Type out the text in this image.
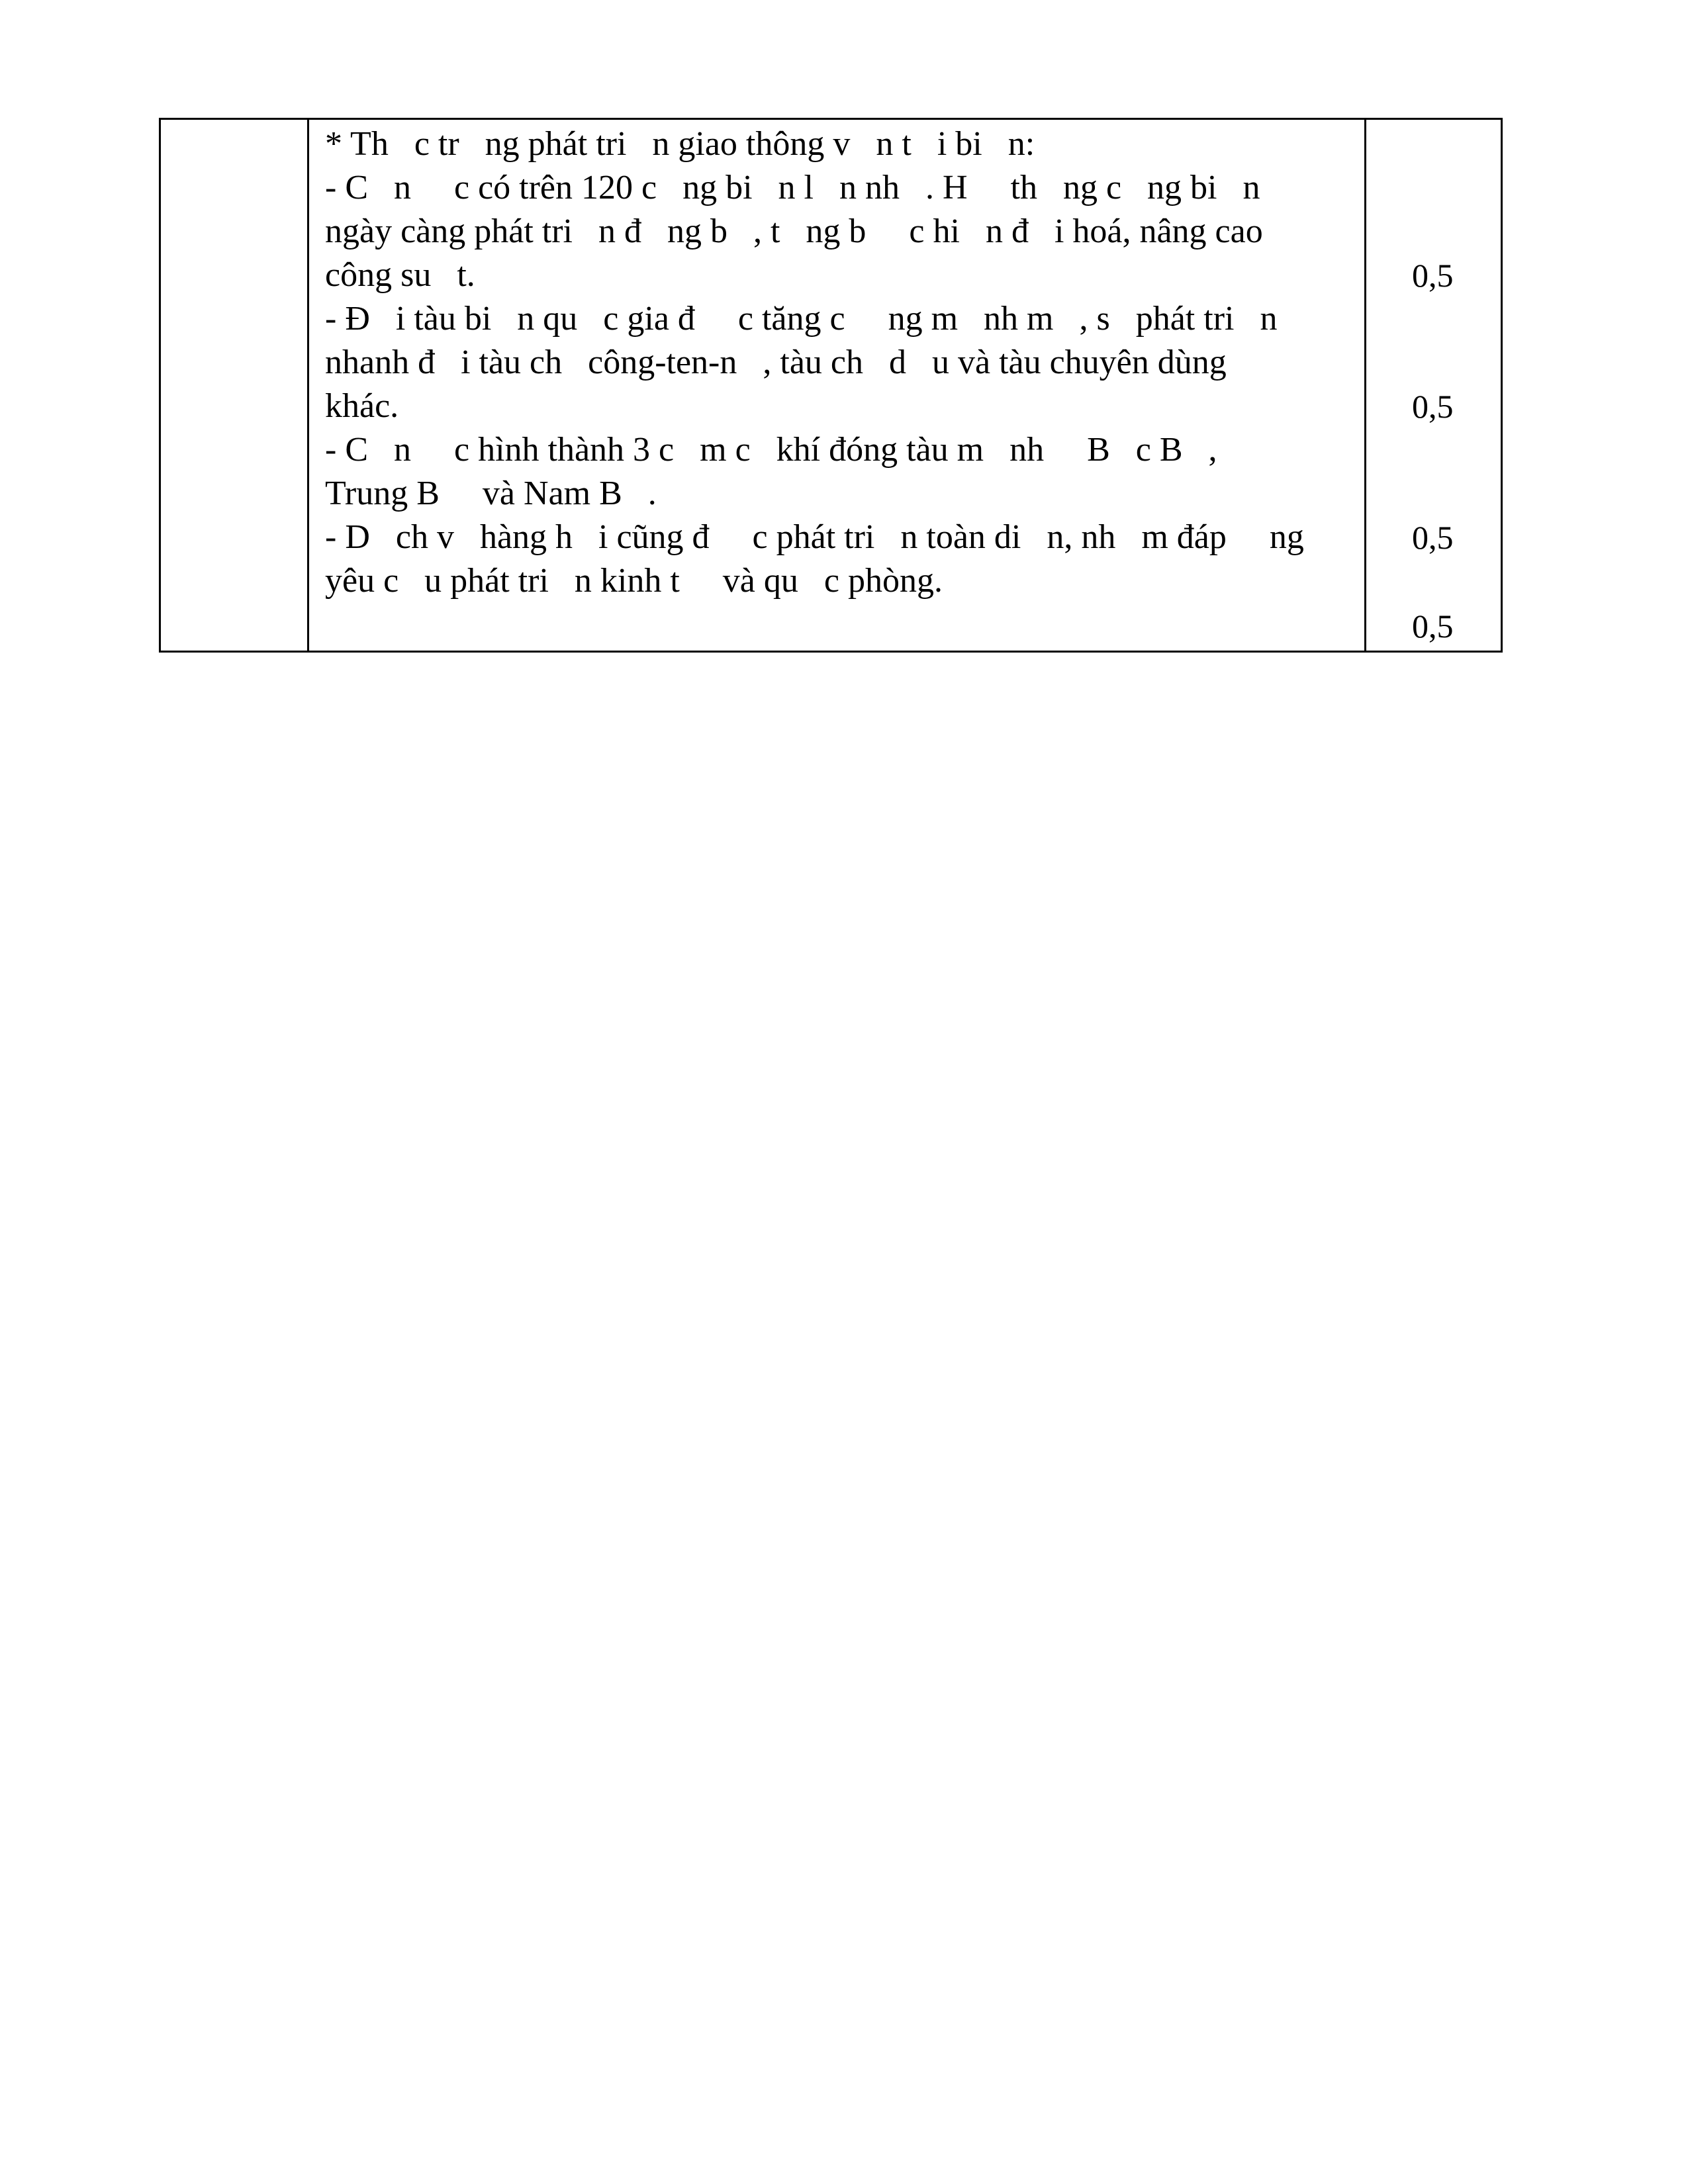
* Th   c tr   ng phát tri   n giao thông v   n t   i bi   n:
- C   n     c có trên 120 c   ng bi   n l   n nh   . H     th   ng c   ng bi   n
ngày càng phát tri   n đ   ng b   , t   ng b     c hi   n đ   i hoá, nâng cao
công su   t.
- Đ   i tàu bi   n qu   c gia đ     c tăng c     ng m   nh m   , s   phát tri   n
nhanh đ   i tàu ch   công-ten-n   , tàu ch   d   u và tàu chuyên dùng
khác.
- C   n     c hình thành 3 c   m c   khí đóng tàu m   nh     B   c B   ,
Trung B     và Nam B   .
- D   ch v   hàng h   i cũng đ     c phát tri   n toàn di   n, nh   m đáp     ng
yêu c   u phát tri   n kinh t     và qu   c phòng.
0,5
0,5
0,5
0,5
